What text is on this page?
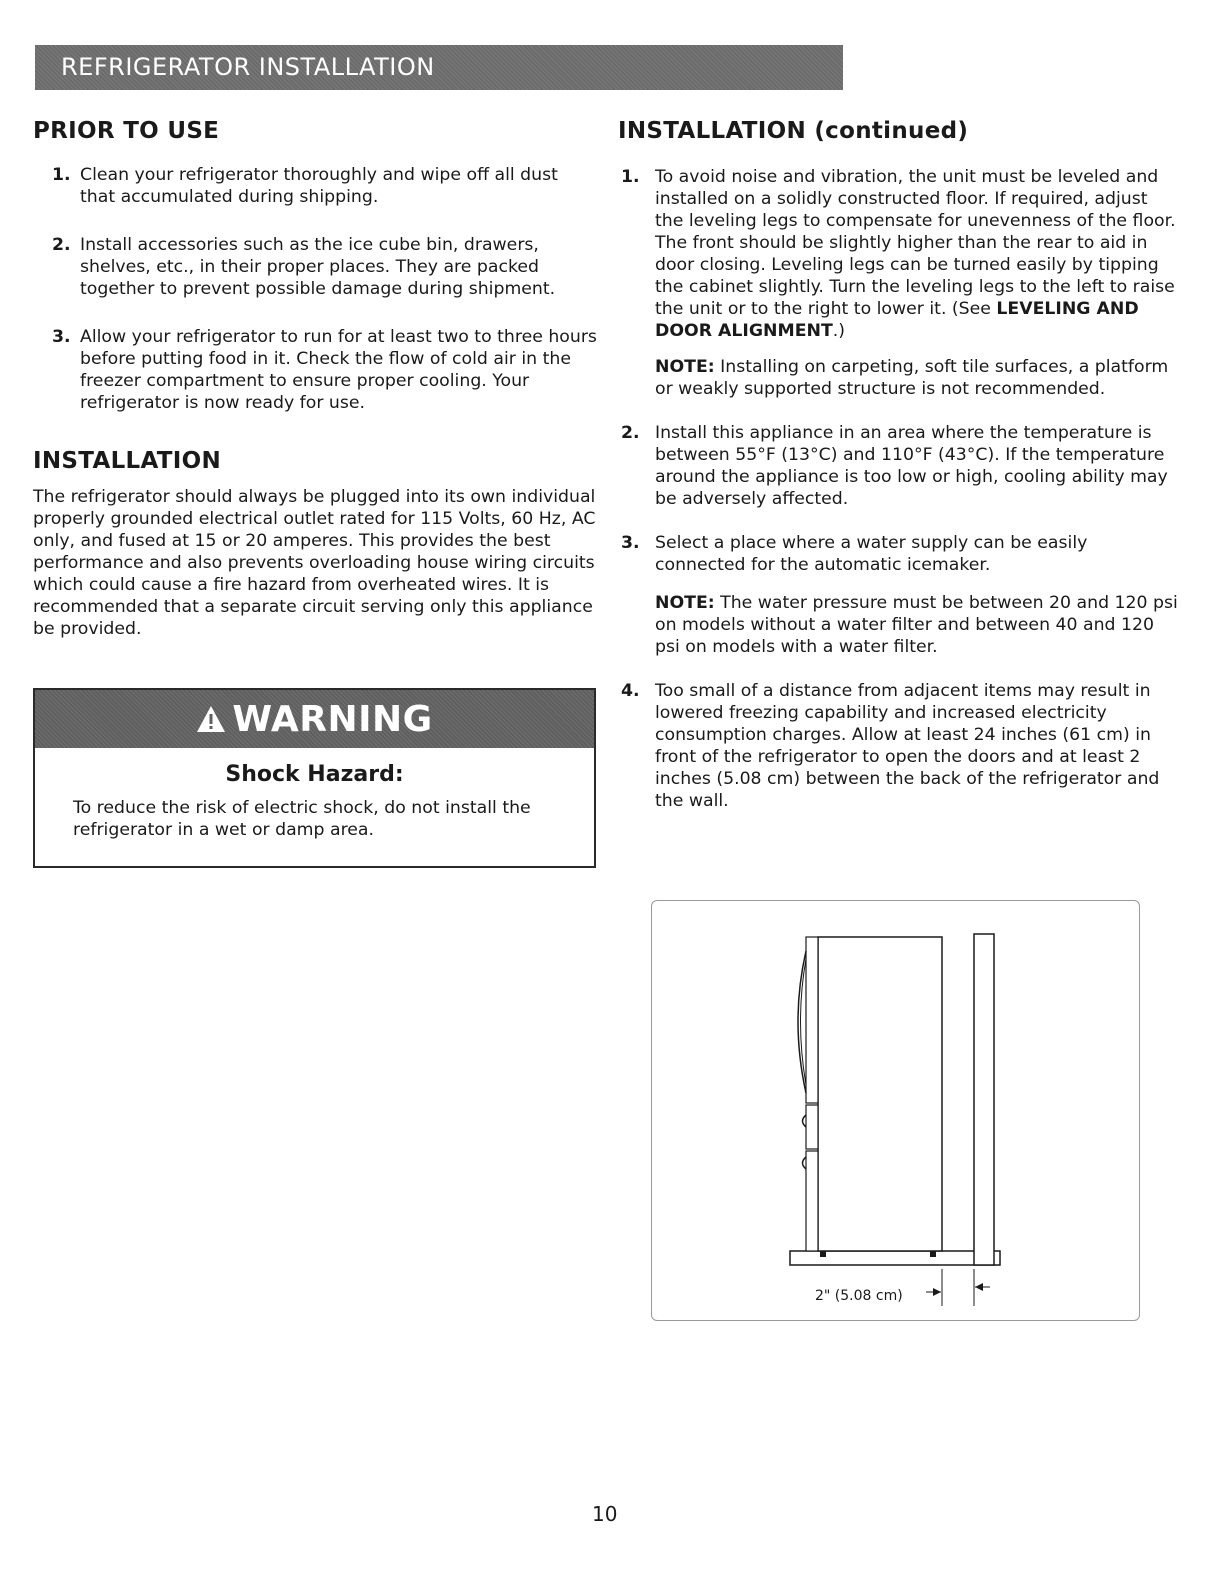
REFRIGERATOR INSTALLATION
PRIOR TO USE
1. Clean your refrigerator thoroughly and wipe off all dust that accumulated during shipping.
2. Install accessories such as the ice cube bin, drawers, shelves, etc., in their proper places. They are packed together to prevent possible damage during shipment.
3. Allow your refrigerator to run for at least two to three hours before putting food in it. Check the flow of cold air in the freezer compartment to ensure proper cooling. Your refrigerator is now ready for use.
INSTALLATION
The refrigerator should always be plugged into its own individual properly grounded electrical outlet rated for 115 Volts, 60 Hz, AC only, and fused at 15 or 20 amperes. This provides the best performance and also prevents overloading house wiring circuits which could cause a fire hazard from overheated wires. It is recommended that a separate circuit serving only this appliance be provided.
WARNING
Shock Hazard:
To reduce the risk of electric shock, do not install the refrigerator in a wet or damp area.
INSTALLATION (continued)
1. To avoid noise and vibration, the unit must be leveled and installed on a solidly constructed floor. If required, adjust the leveling legs to compensate for unevenness of the floor. The front should be slightly higher than the rear to aid in door closing. Leveling legs can be turned easily by tipping the cabinet slightly. Turn the leveling legs to the left to raise the unit or to the right to lower it. (See LEVELING AND DOOR ALIGNMENT.)
NOTE: Installing on carpeting, soft tile surfaces, a platform or weakly supported structure is not recommended.
2. Install this appliance in an area where the temperature is between 55°F (13°C) and 110°F (43°C). If the temperature around the appliance is too low or high, cooling ability may be adversely affected.
3. Select a place where a water supply can be easily connected for the automatic icemaker.
NOTE: The water pressure must be between 20 and 120 psi on models without a water filter and between 40 and 120 psi on models with a water filter.
4. Too small of a distance from adjacent items may result in lowered freezing capability and increased electricity consumption charges. Allow at least 24 inches (61 cm) in front of the refrigerator to open the doors and at least 2 inches (5.08 cm) between the back of the refrigerator and the wall.
2" (5.08 cm)
10
